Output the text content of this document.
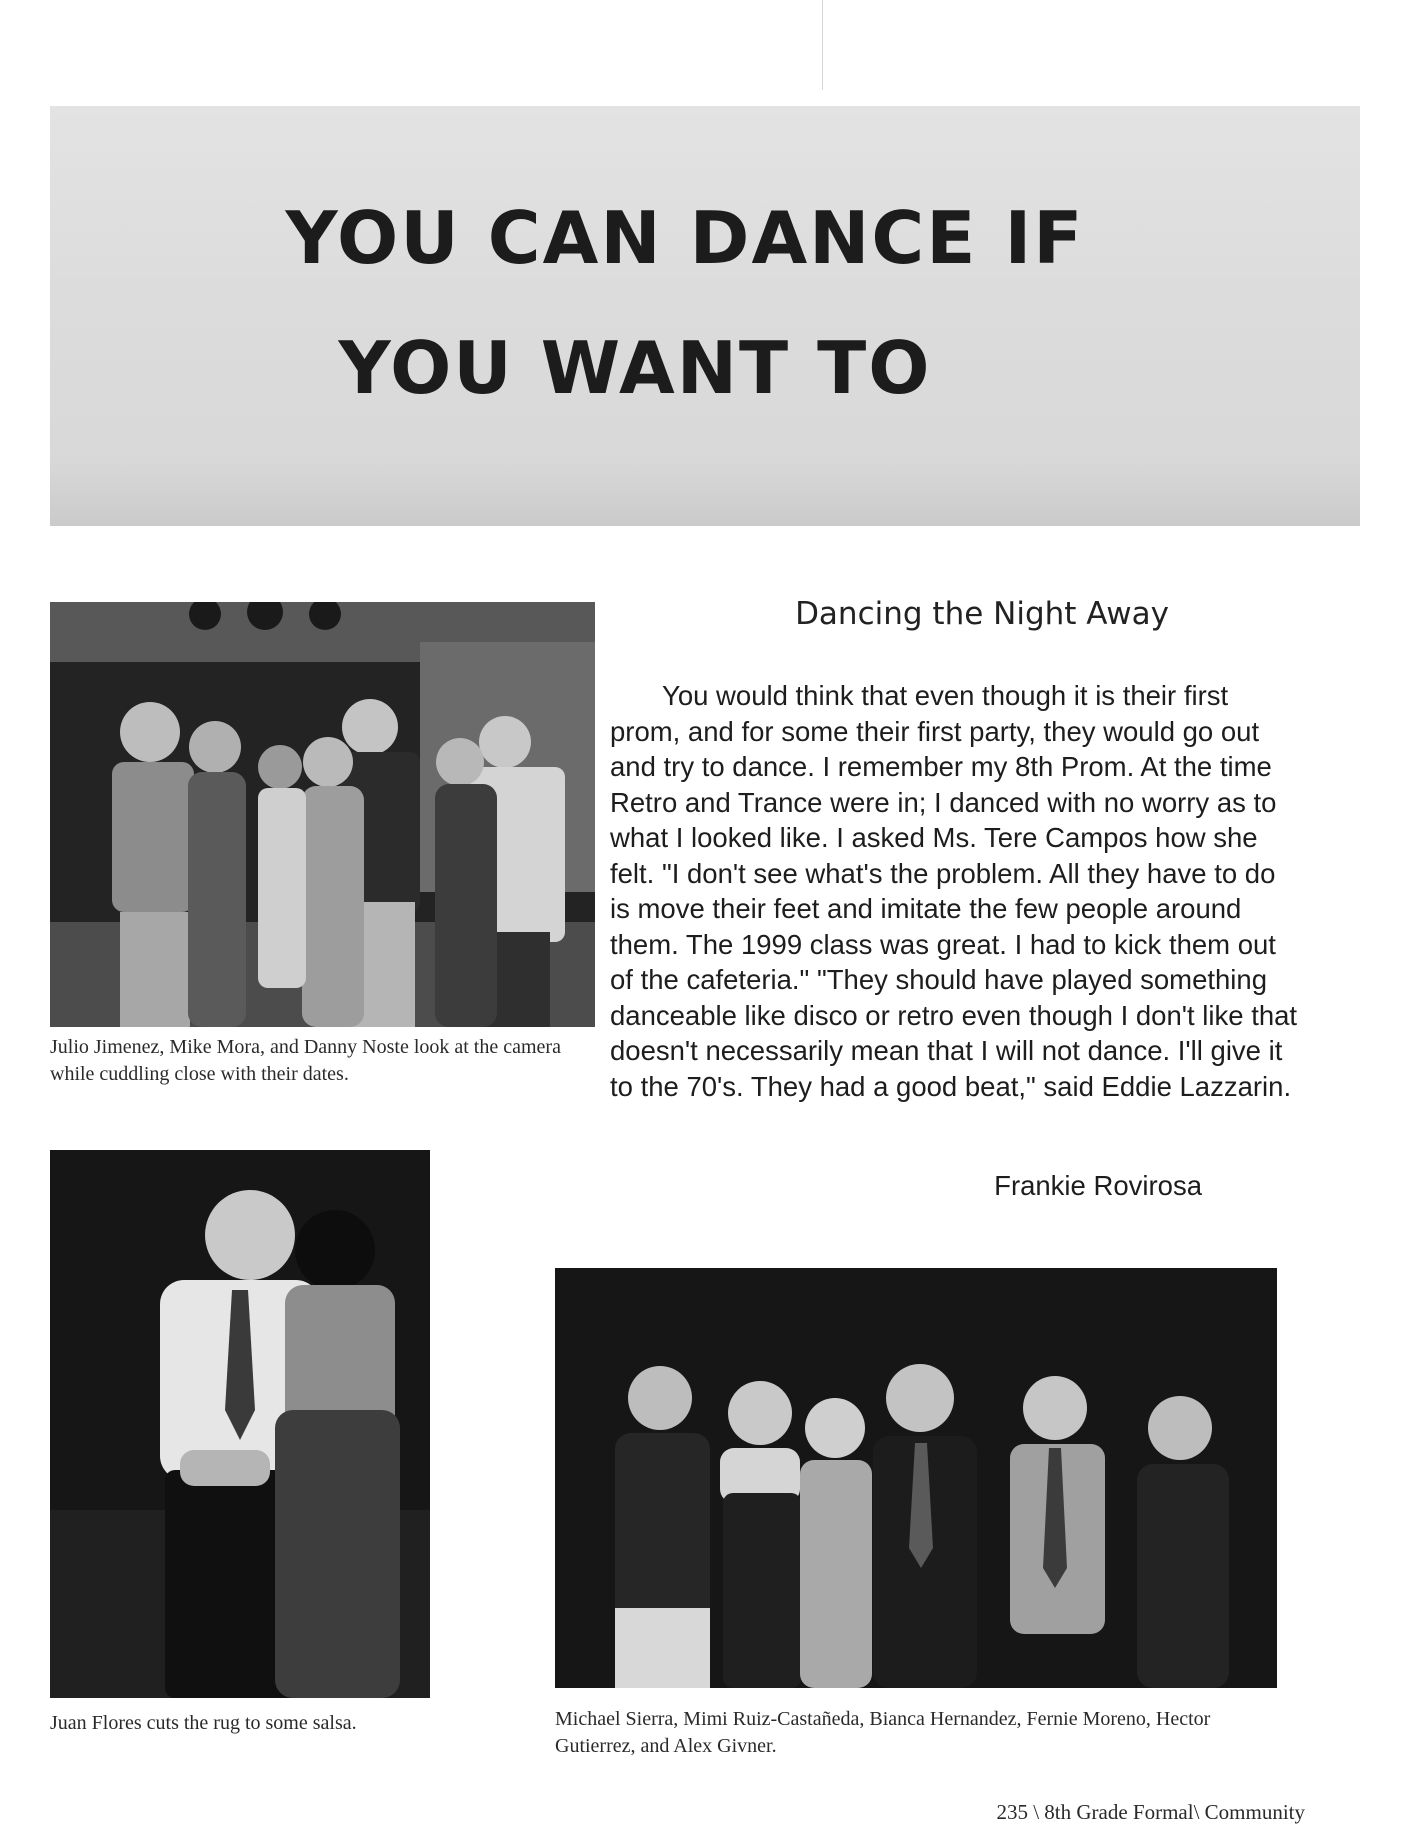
YOU CAN DANCE IF
YOU WANT TO

Julio Jimenez, Mike Mora, and Danny Noste look at the camera while cuddling close with their dates.

Juan Flores cuts the rug to some salsa.	Michael Sierra, Mimi Ruiz-Castañeda, Bianca Hernandez, Fernie Moreno, Hector Gutierrez, and Alex Givner.

Dancing the Night Away

You would think that even though it is their first prom, and for some their first party, they would go out and try to dance. I remember my 8th Prom. At the time Retro and Trance were in; I danced with no worry as to what I looked like. I asked Ms. Tere Campos how she felt. "I don't see what's the problem. All they have to do is move their feet and imitate the few people around them. The 1999 class was great. I had to kick them out of the cafeteria." "They should have played something danceable like disco or retro even though I don't like that doesn't necessarily mean that I will not dance. I'll give it to the 70's. They had a good beat," said Eddie Lazzarin.

Frankie Rovirosa

235 \ 8th Grade Formal\ Community
